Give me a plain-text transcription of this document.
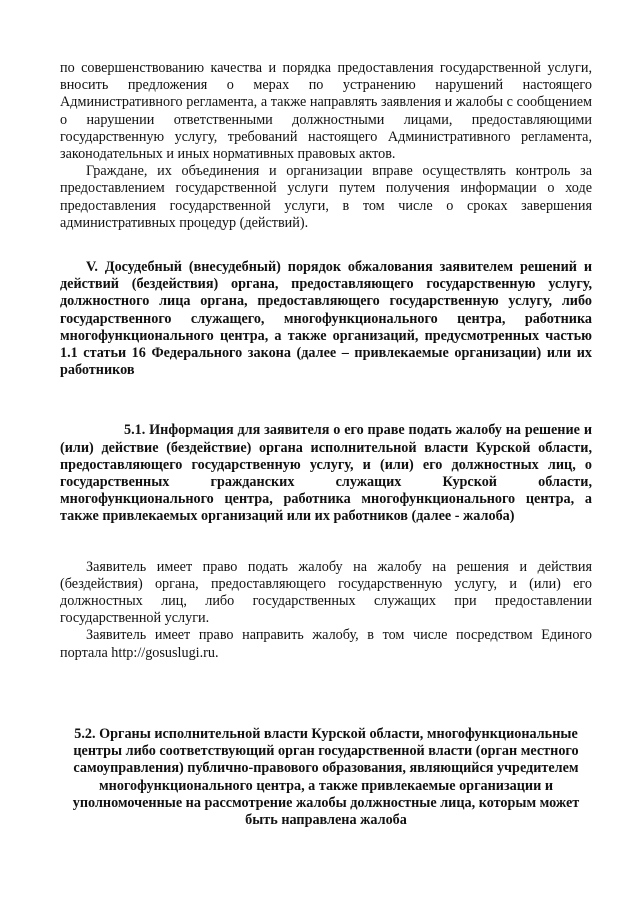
по совершенствованию качества и порядка предоставления государственной услуги, вносить предложения о мерах по устранению нарушений настоящего Административного регламента, а также направлять заявления и жалобы с сообщением о нарушении ответственными должностными лицами, предоставляющими государственную услугу, требований настоящего Административного регламента, законодательных и иных нормативных правовых актов.

Граждане, их объединения и организации вправе осуществлять контроль за предоставлением государственной услуги путем получения информации о ходе предоставления государственной услуги, в том числе о сроках завершения административных процедур (действий).

V. Досудебный (внесудебный) порядок обжалования заявителем решений и действий (бездействия) органа, предоставляющего государственную услугу, должностного лица органа, предоставляющего государственную услугу, либо государственного служащего, многофункционального центра, работника многофункционального центра, а также организаций, предусмотренных частью 1.1 статьи 16 Федерального закона (далее – привлекаемые организации) или их работников

5.1. Информация для заявителя о его праве подать жалобу на решение и (или) действие (бездействие) органа исполнительной власти Курской области, предоставляющего государственную услугу, и (или) его должностных лиц, о государственных гражданских служащих Курской области, многофункционального центра, работника многофункционального центра, а также привлекаемых организаций или их работников (далее - жалоба)

Заявитель имеет право подать жалобу на жалобу на решения и действия (бездействия) органа, предоставляющего государственную услугу, и (или) его должностных лиц, либо государственных служащих при предоставлении государственной услуги.

Заявитель имеет право направить жалобу, в том числе посредством Единого портала http://gosuslugi.ru.

5.2. Органы исполнительной власти Курской области, многофункциональные центры либо соответствующий орган государственной власти (орган местного самоуправления) публично-правового образования, являющийся учредителем многофункционального центра, а также привлекаемые организации и уполномоченные на рассмотрение жалобы должностные лица, которым может быть направлена жалоба
